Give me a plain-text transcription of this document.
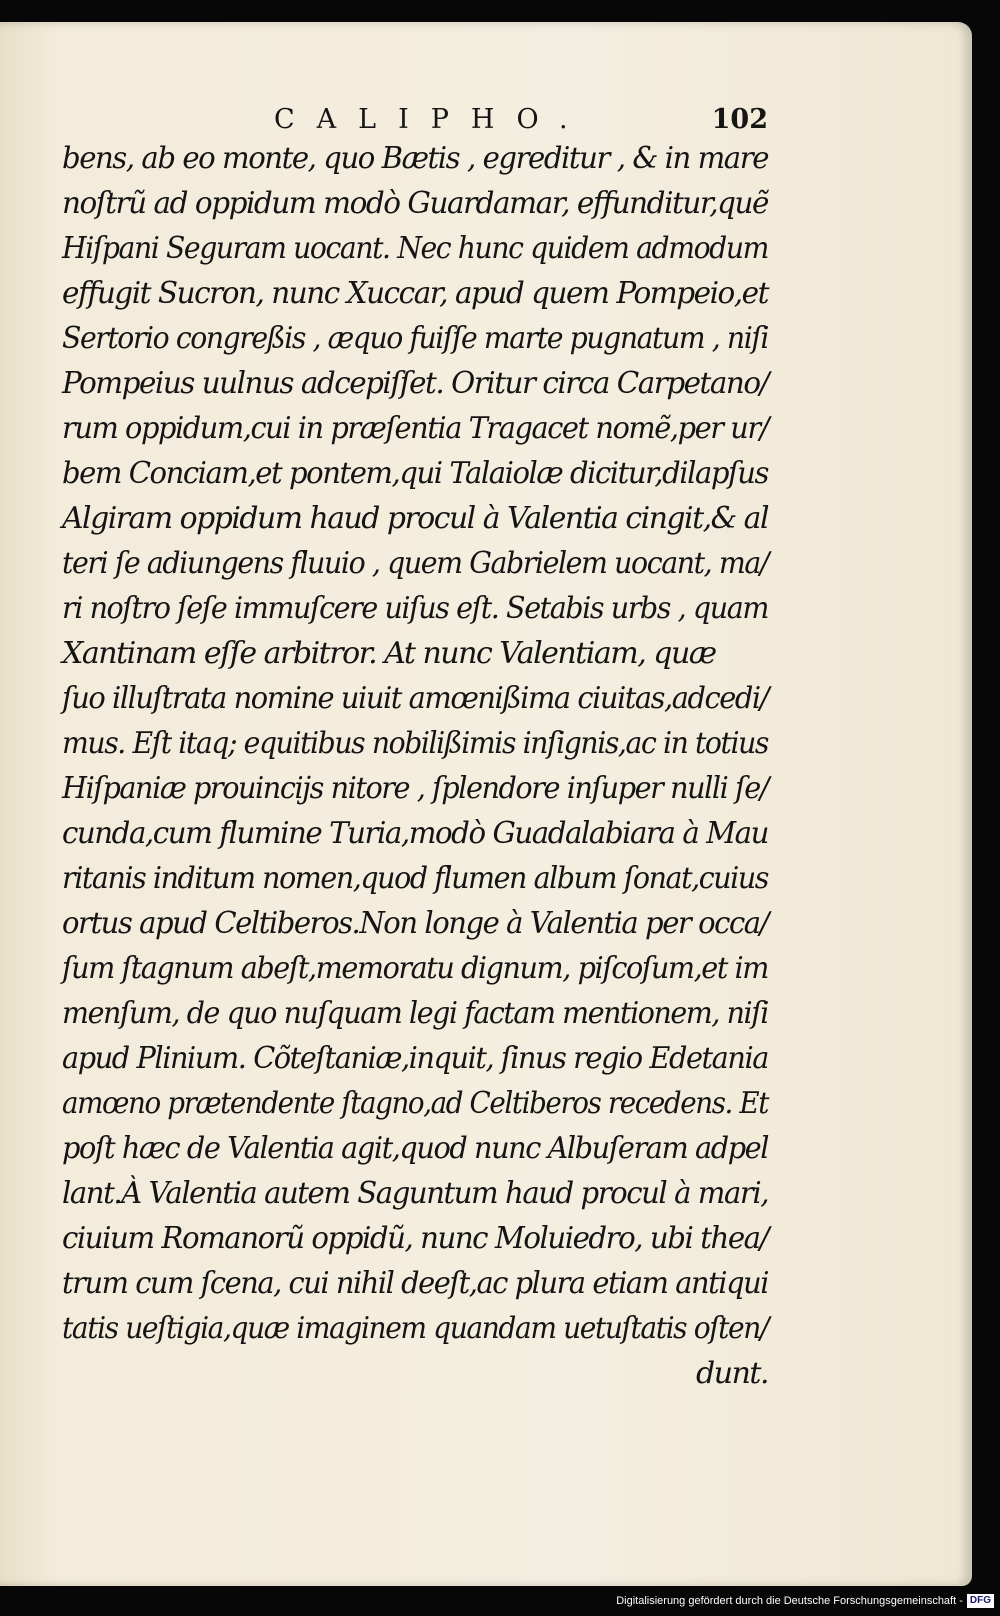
CALIPHO.	102
bens, ab eo monte, quo Bætis , egreditur , & in mare
noſtrũ ad oppidum modò Guardamar, effunditur,quẽ
Hiſpani Seguram uocant. Nec hunc quidem admodum
effugit Sucron, nunc Xuccar, apud quem Pompeio,et
Sertorio congreßis , æquo fuiſſe marte pugnatum , niſi
Pompeius uulnus adcepiſſet. Oritur circa Carpetano/
rum oppidum,cui in præſentia Tragacet nomẽ,per ur/
bem Conciam,et pontem,qui Talaiolæ dicitur,dilapſus
Algiram oppidum haud procul à Valentia cingit,& al
teri ſe adiungens fluuio , quem Gabrielem uocant, ma/
ri noſtro ſeſe immuſcere uiſus eſt. Setabis urbs , quam
Xantinam eſſe arbitror. At nunc Valentiam, quæ
ſuo illuſtrata nomine uiuit amœnißima ciuitas,adcedi/
mus. Eſt itaq; equitibus nobilißimis inſignis,ac in totius
Hiſpaniæ prouincijs nitore , ſplendore inſuper nulli ſe/
cunda,cum flumine Turia,modò Guadalabiara à Mau
ritanis inditum nomen,quod flumen album ſonat,cuius
ortus apud Celtiberos.Non longe à Valentia per occa/
ſum ſtagnum abeſt,memoratu dignum, piſcoſum,et im
menſum, de quo nuſquam legi factam mentionem, niſi
apud Plinium. Cõteſtaniæ,inquit, ſinus regio Edetania
amœno prætendente ſtagno,ad Celtiberos recedens. Et
poſt hæc de Valentia agit,quod nunc Albuſeram adpel
lant.À Valentia autem Saguntum haud procul à mari,
ciuium Romanorũ oppidũ, nunc Moluiedro, ubi thea/
trum cum ſcena, cui nihil deeſt,ac plura etiam antiqui
tatis ueſtigia,quæ imaginem quandam uetuſtatis oſten/
dunt.
Digitalisierung gefördert durch die Deutsche Forschungsgemeinschaft - DFG
